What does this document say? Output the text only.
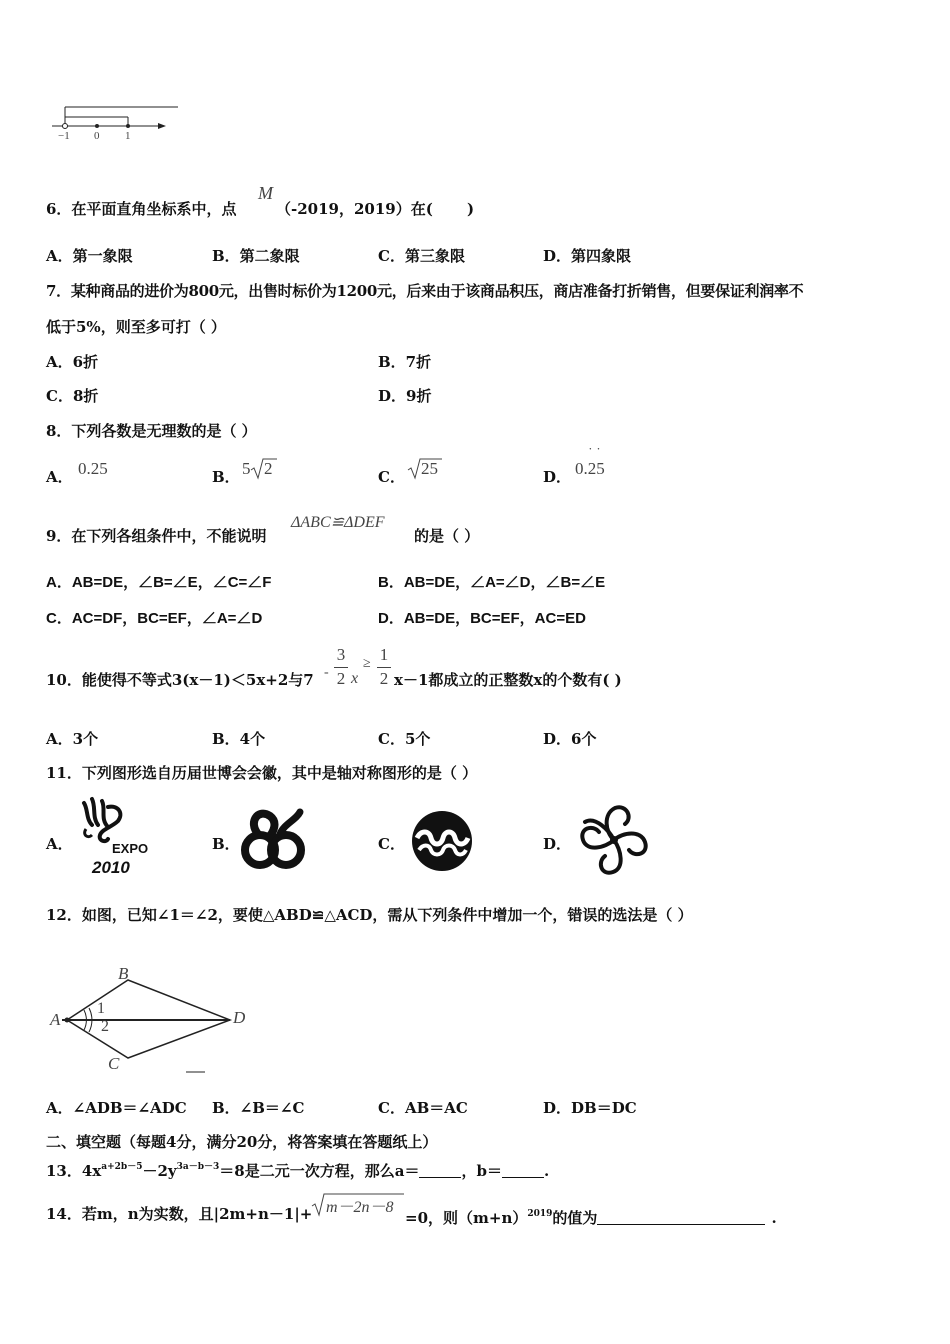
−1 0 1
6．在平面直角坐标系中，点
M
（-2019，2019）在( )
A．第一象限	B．第二象限	C．第三象限	D．第四象限
7．某种商品的进价为800元，出售时标价为1200元，后来由于该商品积压，商店准备打折销售，但要保证利润率不
低于5%，则至多可打（ ）
A．6折	B．7折
C．8折	D．9折
8．下列各数是无理数的是（ ）
A． 0.25	B． 5 2	C． 25	D．
˙ ˙
0.25
9．在下列各组条件中，不能说明
ΔABC≌ΔDEF
的是（ ）
A．AB=DE，∠B=∠E，∠C=∠F	B．AB=DE，∠A=∠D，∠B=∠E
C．AC=DF，BC=EF，∠A=∠D	D．AB=DE，BC=EF，AC=ED
10．能使得不等式3(x－1)＜5x+2与7 -
3
2 x
≥ 1
2 x－1都成立的正整数x的个数有( )
A．3个	B．4个	C．5个	D．6个
11．下列图形选自历届世博会会徽，其中是轴对称图形的是（ ）
A．	EXPO
2010
B．	C．	D．
12．如图，已知∠1＝∠2，要使△ABD≌△ACD，需从下列条件中增加一个，错误的选法是（ ）
A
B
C
D
1
2
A．∠ADB＝∠ADC B．∠B＝∠C	C．AB＝AC	D．DB＝DC
二、填空题（每题4分，满分20分，将答案填在答题纸上）
13．$4x^{a+2b-5}-2y^{3a-b-3}=8$是二元一次方程，那么a＝	，b＝	.
14．若m，n为实数，且|2m+n－1|+ m－2n－8
=0，则$(m+n)^{2019}$的值为	.
